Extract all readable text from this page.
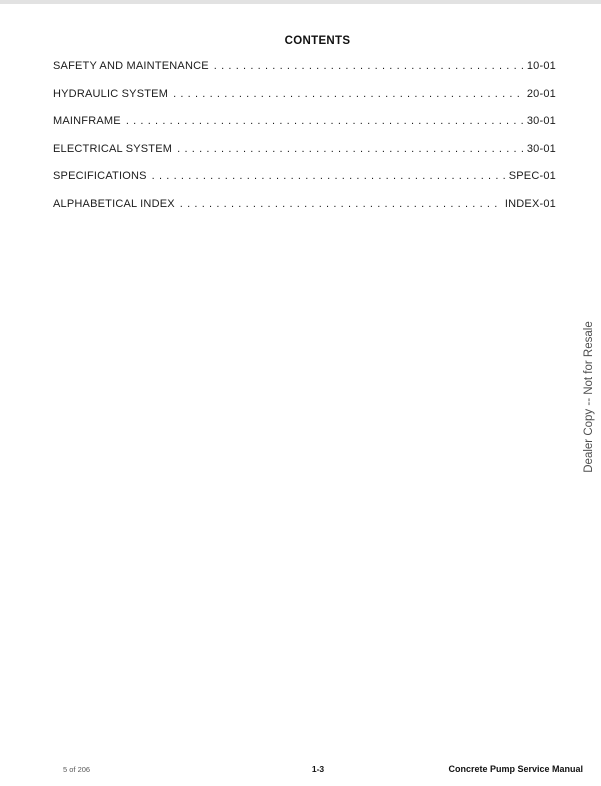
CONTENTS
SAFETY AND MAINTENANCE . . .	10-01
HYDRAULIC SYSTEM . . .	20-01
MAINFRAME . . .	30-01
ELECTRICAL SYSTEM . . .	30-01
SPECIFICATIONS . . .	SPEC-01
ALPHABETICAL INDEX . . .	INDEX-01
Dealer Copy -- Not for Resale
5 of 206	1-3	Concrete Pump Service Manual
